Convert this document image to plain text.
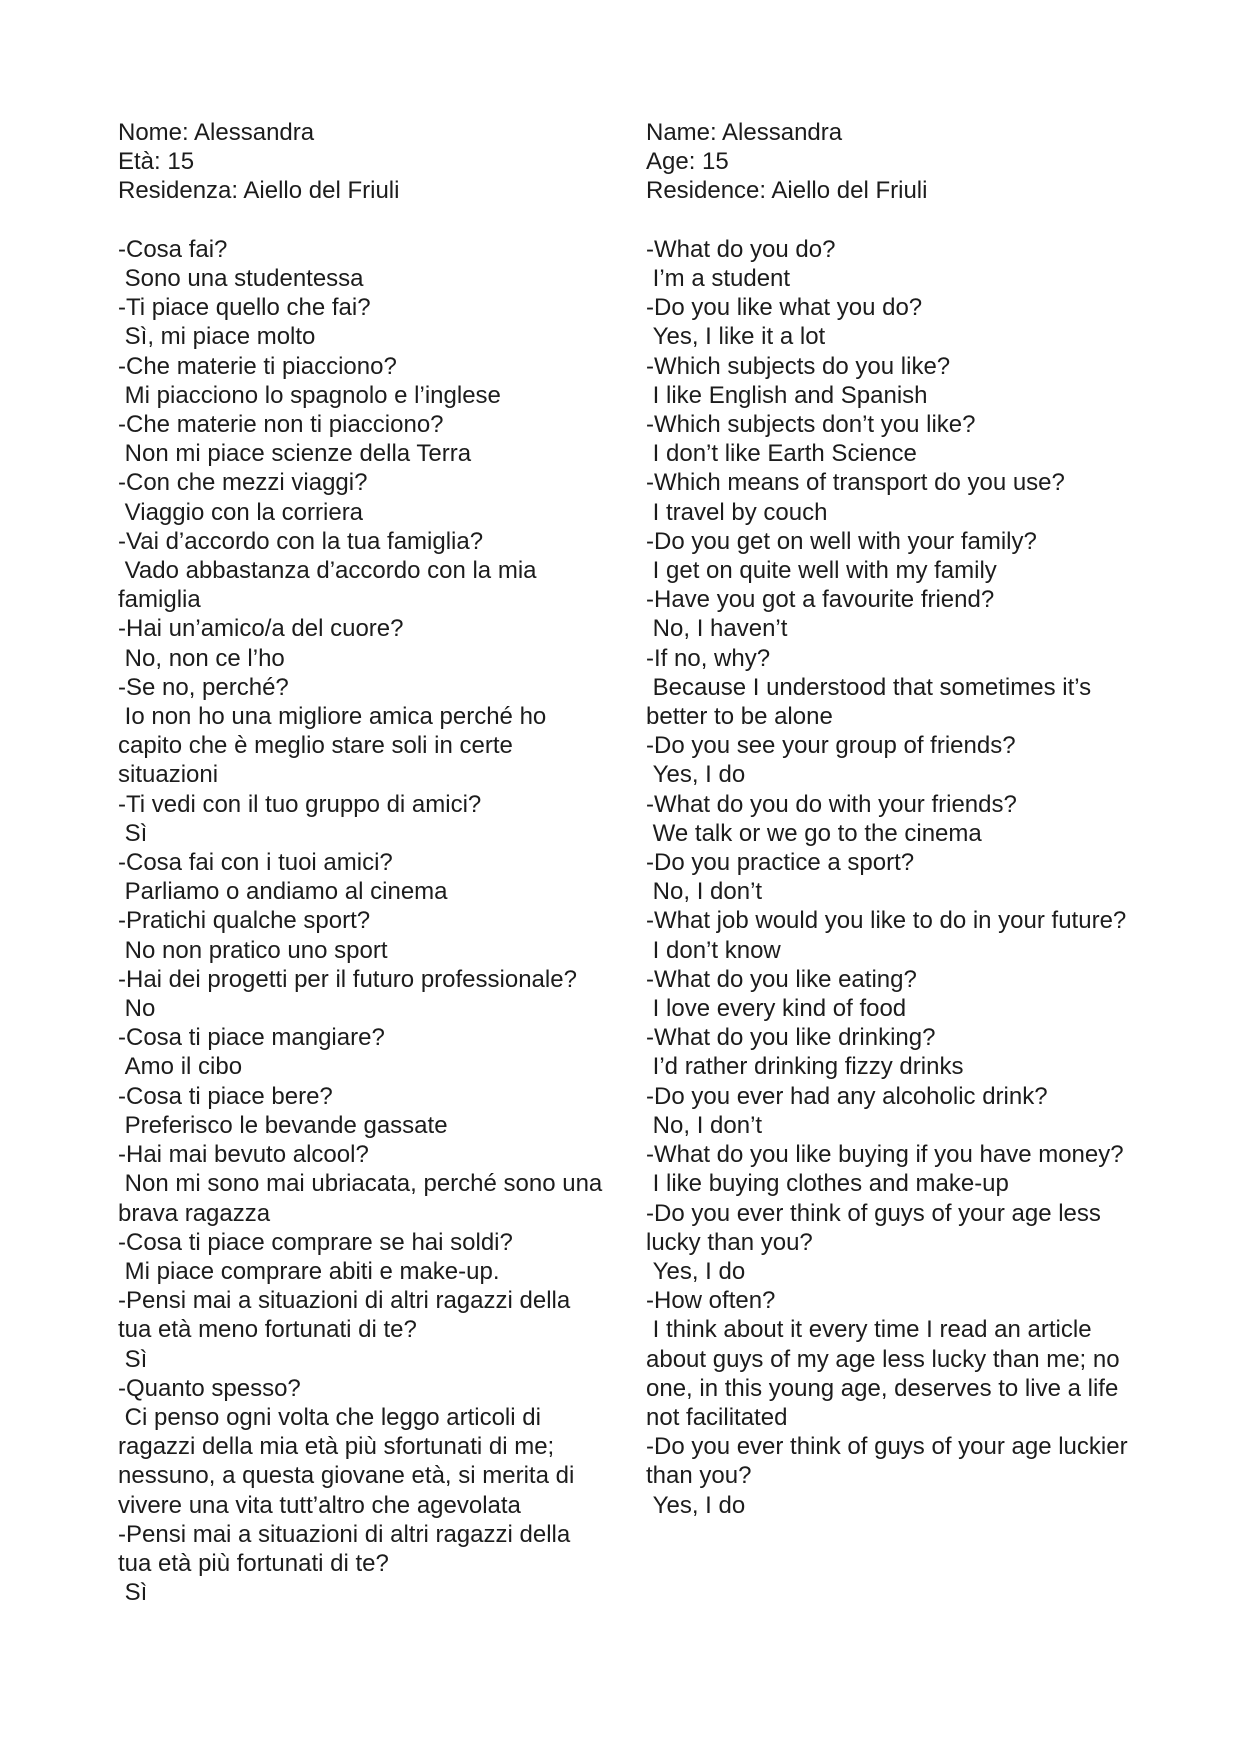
Nome: Alessandra

Età: 15

Residenza: Aiello del Friuli

-Cosa fai?
Sono una studentessa
-Ti piace quello che fai?
Sì, mi piace molto
-Che materie ti piacciono?
Mi piacciono lo spagnolo e l’inglese
-Che materie non ti piacciono?
Non mi piace scienze della Terra
-Con che mezzi viaggi?
Viaggio con la corriera
-Vai d’accordo con la tua famiglia?
Vado abbastanza d’accordo con la mia famiglia
-Hai un’amico/a del cuore?
No, non ce l’ho
-Se no, perché?
Io non ho una migliore amica perché ho capito che è meglio stare soli in certe situazioni
-Ti vedi con il tuo gruppo di amici?
Sì
-Cosa fai con i tuoi amici?
Parliamo o andiamo al cinema
-Pratichi qualche sport?
No non pratico uno sport
-Hai dei progetti per il futuro professionale?
No
-Cosa ti piace mangiare?
Amo il cibo
-Cosa ti piace bere?
Preferisco le bevande gassate
-Hai mai bevuto alcool?
Non mi sono mai ubriacata, perché sono una brava ragazza
-Cosa ti piace comprare se hai soldi?
Mi piace comprare abiti e make-up.
-Pensi mai a situazioni di altri ragazzi della tua età meno fortunati di te?
Sì
-Quanto spesso?
Ci penso ogni volta che leggo articoli di ragazzi della mia età più sfortunati di me; nessuno, a questa giovane età, si merita di vivere una vita tutt’altro che agevolata
-Pensi mai a situazioni di altri ragazzi della tua età più fortunati di te?
Sì

Name: Alessandra

Age: 15

Residence: Aiello del Friuli

-What do you do?
I’m a student
-Do you like what you do?
Yes, I like it a lot
-Which subjects do you like?
I like English and Spanish
-Which subjects don’t you like?
I don’t like Earth Science
-Which means of transport do you use?
I travel by couch
-Do you get on well with your family?
I get on quite well with my family
-Have you got a favourite friend?
No, I haven’t
-If no, why?
Because I understood that sometimes it’s better to be alone
-Do you see your group of friends?
Yes, I do
-What do you do with your friends?
We talk or we go to the cinema
-Do you practice a sport?
No, I don’t
-What job would you like to do in your future?
I don’t know
-What do you like eating?
I love every kind of food
-What do you like drinking?
I’d rather drinking fizzy drinks
-Do you ever had any alcoholic drink?
No, I don’t
-What do you like buying if you have money?
I like buying clothes and make-up
-Do you ever think of guys of your age less lucky than you?
Yes, I do
-How often?
I think about it every time I read an article about guys of my age less lucky than me; no one, in this young age, deserves to live a life not facilitated
-Do you ever think of guys of your age luckier than you?
Yes, I do
